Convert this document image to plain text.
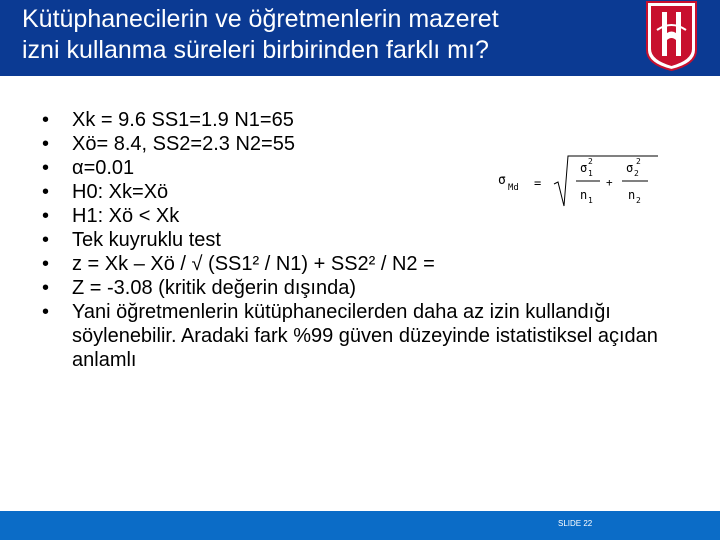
Kütüphanecilerin ve öğretmenlerin mazeret
izni kullanma süreleri birbirinden farklı mı?
•	Xk = 9.6 SS1=1.9 N1=65
•	Xö= 8.4, SS2=2.3 N2=55
•	α=0.01
•	H0: Xk=Xö
•	H1: Xö < Xk
•	Tek kuyruklu test
•	z = Xk – Xö / √ (SS1² / N1) + SS2² / N2 =
•	Z = -3.08 (kritik değerin dışında)
•	Yani öğretmenlerin kütüphanecilerden daha az izin kullandığı söylenebilir. Aradaki fark %99 güven düzeyinde istatistiksel açıdan anlamlı
σ Md =
σ 1
2
n 1
+
σ 2
2
n 2
SLIDE 22
